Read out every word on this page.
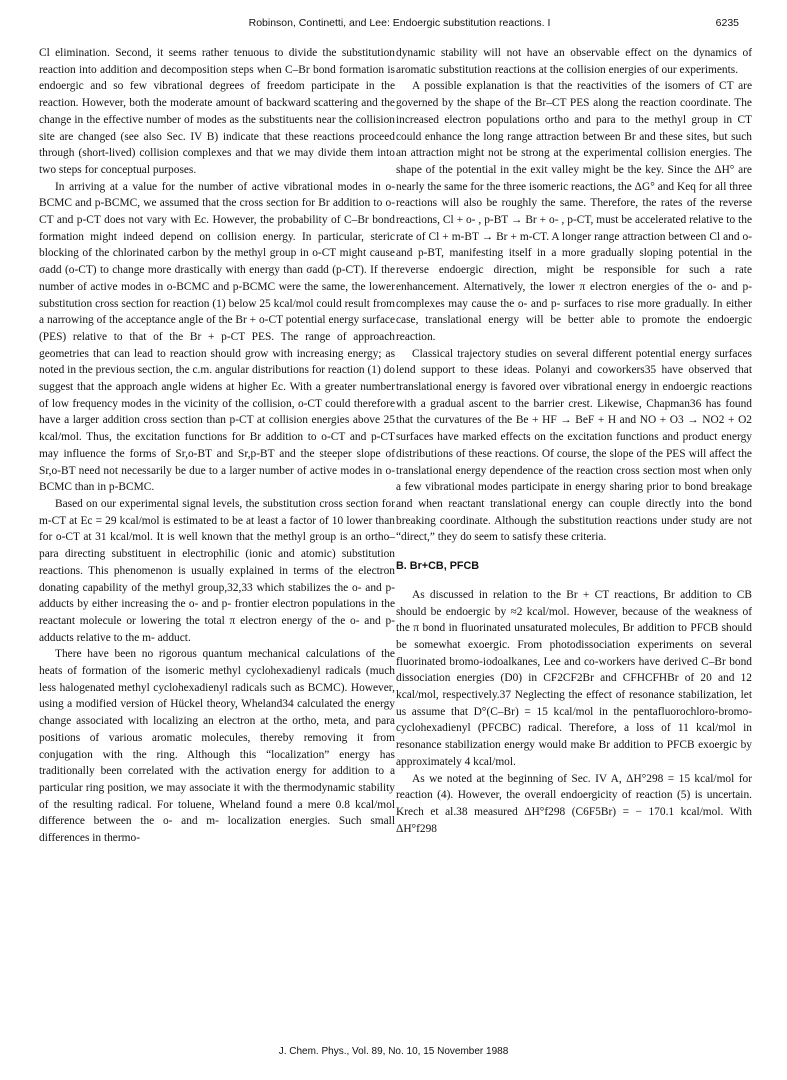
Robinson, Continetti, and Lee: Endoergic substitution reactions. I	6235

Cl elimination. Second, it seems rather tenuous to divide the substitution reaction into addition and decomposition steps when C–Br bond formation is endoergic and so few vibrational degrees of freedom participate in the reaction. However, both the moderate amount of backward scattering and the change in the effective number of modes as the substituents near the collision site are changed (see also Sec. IV B) indicate that these reactions proceed through (short-lived) collision complexes and that we may divide them into two steps for conceptual purposes.

In arriving at a value for the number of active vibrational modes in o-BCMC and p-BCMC, we assumed that the cross section for Br addition to o-CT and p-CT does not vary with Ec. However, the probability of C–Br bond formation might indeed depend on collision energy. In particular, steric blocking of the chlorinated carbon by the methyl group in o-CT might cause σadd (o-CT) to change more drastically with energy than σadd (p-CT). If the number of active modes in o-BCMC and p-BCMC were the same, the lower substitution cross section for reaction (1) below 25 kcal/mol could result from a narrowing of the acceptance angle of the Br + o-CT potential energy surface (PES) relative to that of the Br + p-CT PES. The range of approach geometries that can lead to reaction should grow with increasing energy; as noted in the previous section, the c.m. angular distributions for reaction (1) do suggest that the approach angle widens at higher Ec. With a greater number of low frequency modes in the vicinity of the collision, o-CT could therefore have a larger addition cross section than p-CT at collision energies above 25 kcal/mol. Thus, the excitation functions for Br addition to o-CT and p-CT may influence the forms of Sr,o-BT and Sr,p-BT and the steeper slope of Sr,o-BT need not necessarily be due to a larger number of active modes in o-BCMC than in p-BCMC.

Based on our experimental signal levels, the substitution cross section for m-CT at Ec = 29 kcal/mol is estimated to be at least a factor of 10 lower than for o-CT at 31 kcal/mol. It is well known that the methyl group is an ortho–para directing substituent in electrophilic (ionic and atomic) substitution reactions. This phenomenon is usually explained in terms of the electron donating capability of the methyl group,32,33 which stabilizes the o- and p- adducts by either increasing the o- and p- frontier electron populations in the reactant molecule or lowering the total π electron energy of the o- and p- adducts relative to the m- adduct.

There have been no rigorous quantum mechanical calculations of the heats of formation of the isomeric methyl cyclohexadienyl radicals (much less halogenated methyl cyclohexadienyl radicals such as BCMC). However, using a modified version of Hückel theory, Wheland34 calculated the energy change associated with localizing an electron at the ortho, meta, and para positions of various aromatic molecules, thereby removing it from conjugation with the ring. Although this “localization” energy has traditionally been correlated with the activation energy for addition to a particular ring position, we may associate it with the thermodynamic stability of the resulting radical. For toluene, Wheland found a mere 0.8 kcal/mol difference between the o- and m- localization energies. Such small differences in thermo-

dynamic stability will not have an observable effect on the dynamics of aromatic substitution reactions at the collision energies of our experiments.

A possible explanation is that the reactivities of the isomers of CT are governed by the shape of the Br–CT PES along the reaction coordinate. The increased electron populations ortho and para to the methyl group in CT could enhance the long range attraction between Br and these sites, but such an attraction might not be strong at the experimental collision energies. The shape of the potential in the exit valley might be the key. Since the ΔH° are nearly the same for the three isomeric reactions, the ΔG° and Keq for all three reactions will also be roughly the same. Therefore, the rates of the reverse reactions, Cl + o- , p-BT → Br + o- , p-CT, must be accelerated relative to the rate of Cl + m-BT → Br + m-CT. A longer range attraction between Cl and o- and p-BT, manifesting itself in a more gradually sloping potential in the reverse endoergic direction, might be responsible for such a rate enhancement. Alternatively, the lower π electron energies of the o- and p- complexes may cause the o- and p- surfaces to rise more gradually. In either case, translational energy will be better able to promote the endoergic reaction.

Classical trajectory studies on several different potential energy surfaces lend support to these ideas. Polanyi and coworkers35 have observed that translational energy is favored over vibrational energy in endoergic reactions with a gradual ascent to the barrier crest. Likewise, Chapman36 has found that the curvatures of the Be + HF → BeF + H and NO + O3 → NO2 + O2 surfaces have marked effects on the excitation functions and product energy distributions of these reactions. Of course, the slope of the PES will affect the translational energy dependence of the reaction cross section most when only a few vibrational modes participate in energy sharing prior to bond breakage and when reactant translational energy can couple directly into the bond breaking coordinate. Although the substitution reactions under study are not “direct,” they do seem to satisfy these criteria.

B. Br+CB, PFCB

As discussed in relation to the Br + CT reactions, Br addition to CB should be endoergic by ≈2 kcal/mol. However, because of the weakness of the π bond in fluorinated unsaturated molecules, Br addition to PFCB should be somewhat exoergic. From photodissociation experiments on several fluorinated bromo-iodoalkanes, Lee and co-workers have derived C–Br bond dissociation energies (D0) in CF2CF2Br and CFHCFHBr of 20 and 12 kcal/mol, respectively.37 Neglecting the effect of resonance stabilization, let us assume that D°(C–Br) = 15 kcal/mol in the pentafluorochloro-bromo-cyclohexadienyl (PFCBC) radical. Therefore, a loss of 11 kcal/mol in resonance stabilization energy would make Br addition to PFCB exoergic by approximately 4 kcal/mol.

As we noted at the beginning of Sec. IV A, ΔH°298 = 15 kcal/mol for reaction (4). However, the overall endoergicity of reaction (5) is uncertain. Krech et al.38 measured ΔH°f298 (C6F5Br) = − 170.1 kcal/mol. With ΔH°f298

J. Chem. Phys., Vol. 89, No. 10, 15 November 1988
